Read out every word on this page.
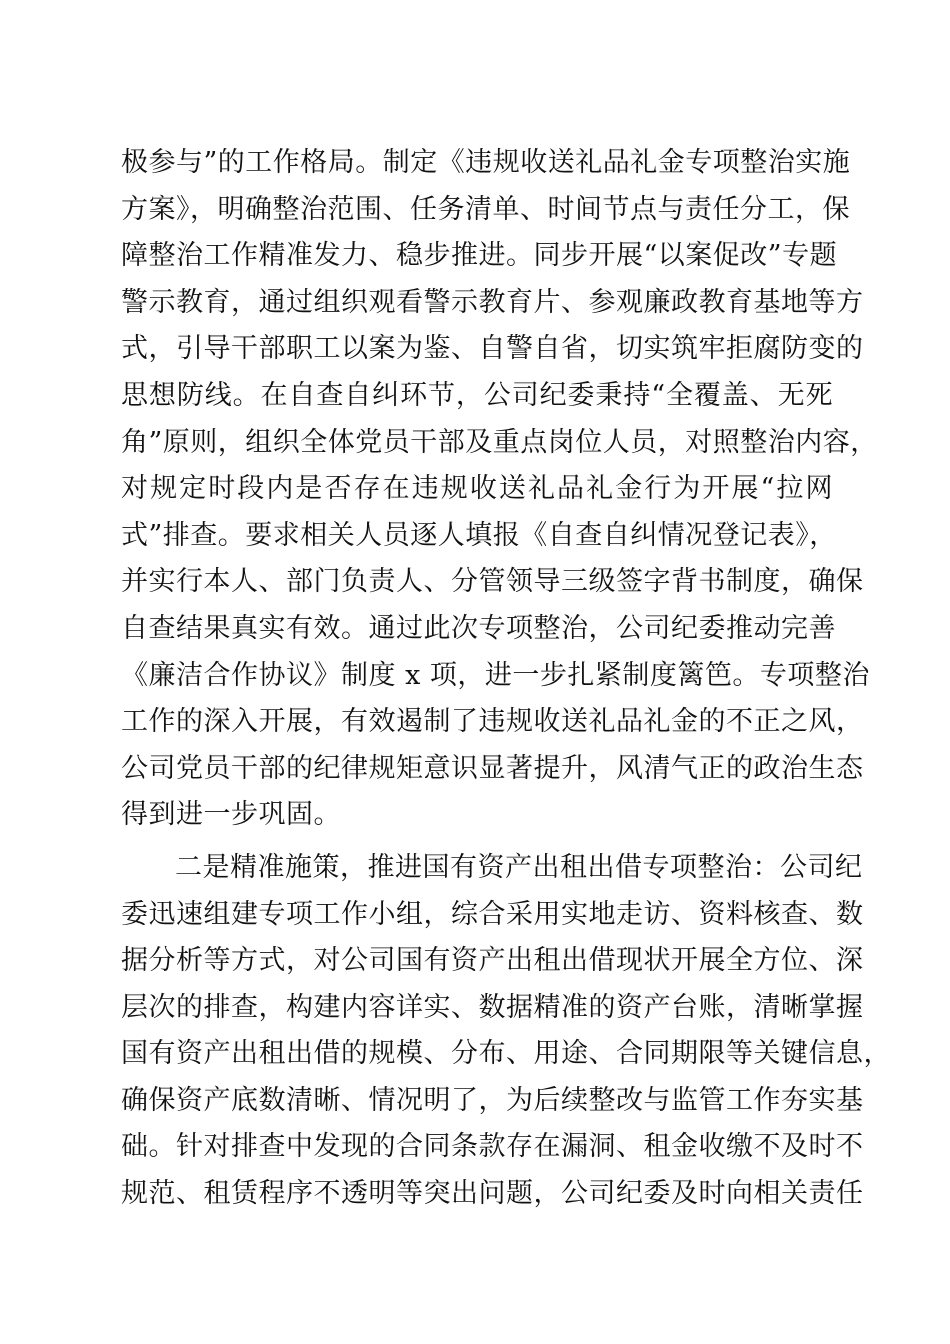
极参与”的工作格局。制定《违规收送礼品礼金专项整治实施
方案》，明确整治范围、任务清单、时间节点与责任分工，保
障整治工作精准发力、稳步推进。同步开展“以案促改”专题
警示教育，通过组织观看警示教育片、参观廉政教育基地等方
式，引导干部职工以案为鉴、自警自省，切实筑牢拒腐防变的
思想防线。在自查自纠环节，公司纪委秉持“全覆盖、无死
角”原则，组织全体党员干部及重点岗位人员，对照整治内容，
对规定时段内是否存在违规收送礼品礼金行为开展“拉网
式”排查。要求相关人员逐人填报《自查自纠情况登记表》，
并实行本人、部门负责人、分管领导三级签字背书制度，确保
自查结果真实有效。通过此次专项整治，公司纪委推动完善
《廉洁合作协议》制度 x 项，进一步扎紧制度篱笆。专项整治
工作的深入开展，有效遏制了违规收送礼品礼金的不正之风，
公司党员干部的纪律规矩意识显著提升，风清气正的政治生态
得到进一步巩固。
二是精准施策，推进国有资产出租出借专项整治：公司纪
委迅速组建专项工作小组，综合采用实地走访、资料核查、数
据分析等方式，对公司国有资产出租出借现状开展全方位、深
层次的排查，构建内容详实、数据精准的资产台账，清晰掌握
国有资产出租出借的规模、分布、用途、合同期限等关键信息，
确保资产底数清晰、情况明了，为后续整改与监管工作夯实基
础。针对排查中发现的合同条款存在漏洞、租金收缴不及时不
规范、租赁程序不透明等突出问题，公司纪委及时向相关责任
